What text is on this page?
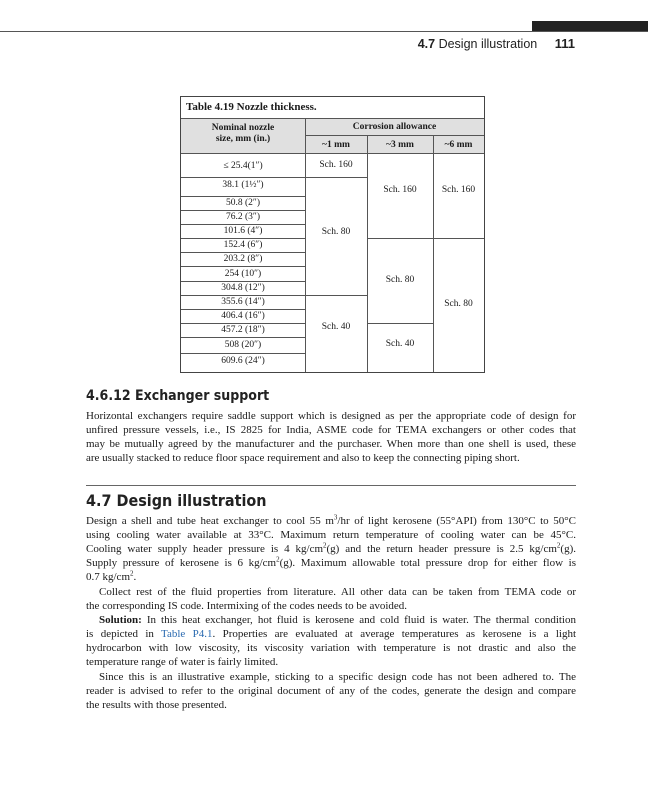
4.7 Design illustration 111
Table 4.19 Nozzle thickness.
Nominal nozzle
size, mm (in.)
Corrosion allowance
~1 mm	~3 mm	~6 mm
≤ 25.4(1″)
38.1 (1½″)
50.8 (2″)
76.2 (3″)
101.6 (4″)
152.4 (6″)
203.2 (8″)
254 (10″)
304.8 (12″)
355.6 (14″)
406.4 (16″)
457.2 (18″)
508 (20″)
609.6 (24″)
Sch. 160
Sch. 80
Sch. 40
Sch. 160
Sch. 80
Sch. 40
Sch. 160
Sch. 80
4.6.12 Exchanger support
Horizontal exchangers require saddle support which is designed as per the appropriate code of design for
unfired pressure vessels, i.e., IS 2825 for India, ASME code for TEMA exchangers or other codes that
may be mutually agreed by the manufacturer and the purchaser. When more than one shell is used, these
are usually stacked to reduce floor space requirement and also to keep the connecting piping short.
4.7 Design illustration
Design a shell and tube heat exchanger to cool 55 $m^3/hr$ of light kerosene (55°API) from 130°C to 50°C
using cooling water available at 33°C. Maximum return temperature of cooling water can be 45°C.
Cooling water supply header pressure is 4 $kg/cm^2(g)$ and the return header pressure is 2.5 $kg/cm^2(g)$.
Supply pressure of kerosene is 6 $kg/cm^2(g)$. Maximum allowable total pressure drop for either flow is
0.7 $kg/cm^2$.
Collect rest of the fluid properties from literature. All other data can be taken from TEMA code or
the corresponding IS code. Intermixing of the codes needs to be avoided.
Solution: In this heat exchanger, hot fluid is kerosene and cold fluid is water. The thermal condition
is depicted in Table P4.1. Properties are evaluated at average temperatures as kerosene is a light
hydrocarbon with low viscosity, its viscosity variation with temperature is not drastic and also the
temperature range of water is fairly limited.
Since this is an illustrative example, sticking to a specific design code has not been adhered to. The
reader is advised to refer to the original document of any of the codes, generate the design and compare
the results with those presented.
